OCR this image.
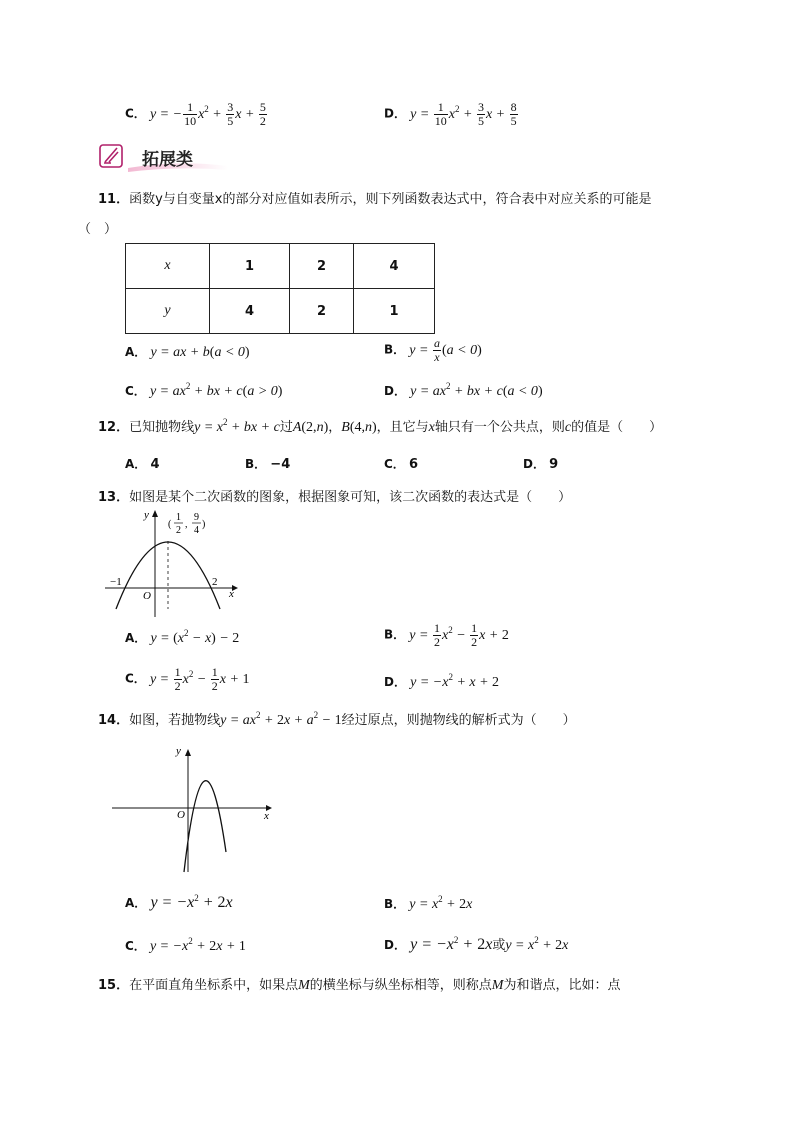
C． y = − $\frac{1}{10} x^2 + \frac{3}{5}$ $x + \frac{5}{2}$	D． $y = \frac{1}{10} x^2 + \frac{3}{5}$ $x + \frac{8}{5}$
拓展类
11．函数y与自变量x的部分对应值如表所示，则下列函数表达式中，符合表中对应关系的可能是
（　）
x	1	2	4
y	4	2	1
A． y = ax + b(a < 0)	B． $y = \frac{a}{x} (a < 0)$
C． $y = ax^2$ + bx + c(a > 0)	D． $y = ax^2$ + bx + c(a < 0)
12．已知抛物线$y = x^2$ + bx + c过A(2,n)，B(4,n)，且它与x轴只有一个公共点，则c的值是（　　）
A． 4	B． −4	C． 6	D． 9
13．如图是某个二次函数的图象，根据图象可知，该二次函数的表达式是（　　）
x
y
O
−1	2
(
1
2
,
9
4
)
A． $y = (x^2 - x) - 2$	B． $y = \frac{1}{2} x^2 - \frac{1}{2}$ x + 2
C． $y = \frac{1}{2} x^2 - \frac{1}{2}$ x + 1	D． $y = -x^2 + x + 2$
14．如图，若抛物线$y = ax^2 + 2x + a^2 - 1$经过原点，则抛物线的解析式为（　　）
x
y
O
A． $y = -x^2 + 2x$	B． $y = x^2 + 2x$
C． $y = -x^2 + 2x + 1$	D． $y = -x^2 + 2x$或$y = x^2 + 2x$
15．在平面直角坐标系中，如果点M的横坐标与纵坐标相等，则称点M为和谐点，比如：点
